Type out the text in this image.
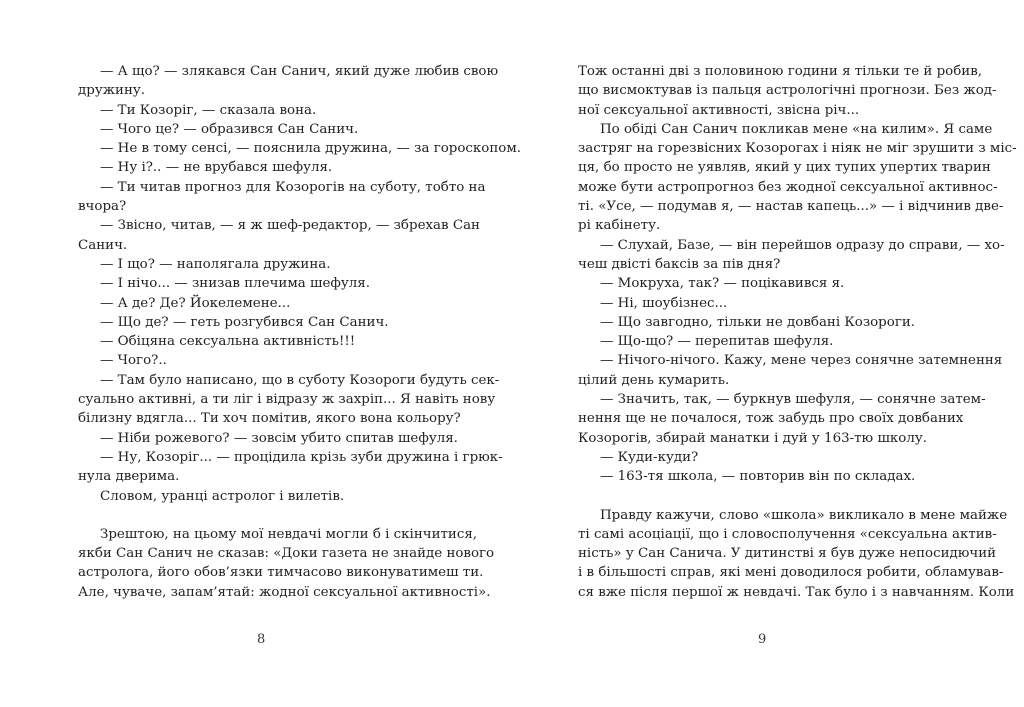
— А що? — злякався Сан Санич, який дуже любив свою
дружину.
— Ти Козоріг, — сказала вона.
— Чого це? — образився Сан Санич.
— Не в тому сенсі, — пояснила дружина, — за гороскопом.
— Ну і?.. — не врубався шефуля.
— Ти читав прогноз для Козорогів на суботу, тобто на
вчора?
— Звісно, читав, — я ж шеф-редактор, — збрехав Сан
Санич.
— І що? — наполягала дружина.
— І нічо... — знизав плечима шефуля.
— А де? Де? Йокелемене...
— Що де? — геть розгубився Сан Санич.
— Обіцяна сексуальна активність!!!
— Чого?..
— Там було написано, що в суботу Козороги будуть сек-
суально активні, а ти ліг і відразу ж захріп... Я навіть нову
білизну вдягла... Ти хоч помітив, якого вона кольору?
— Ніби рожевого? — зовсім убито спитав шефуля.
— Ну, Козоріг... — процідила крізь зуби дружина і грюк-
нула дверима.
Словом, уранці астролог і вилетів.
Зрештою, на цьому мої невдачі могли б і скінчитися,
якби Сан Санич не сказав: «Доки газета не знайде нового
астролога, його обов’язки тимчасово виконуватимеш ти.
Але, чуваче, запам’ятай: жодної сексуальної активності».
Тож останні дві з половиною години я тільки те й робив,
що висмоктував із пальця астрологічні прогнози. Без жод-
ної сексуальної активності, звісна річ...
По обіді Сан Санич покликав мене «на килим». Я саме
застряг на горезвісних Козорогах і ніяк не міг зрушити з міс-
ця, бо просто не уявляв, який у цих тупих упертих тварин
може бути астропрогноз без жодної сексуальної активнос-
ті. «Усе, — подумав я, — настав капець...» — і відчинив две-
рі кабінету.
— Слухай, Базе, — він перейшов одразу до справи, — хо-
чеш двісті баксів за пів дня?
— Мокруха, так? — поцікавився я.
— Ні, шоубізнес...
— Що завгодно, тільки не довбані Козороги.
— Що-що? — перепитав шефуля.
— Нічого-нічого. Кажу, мене через сонячне затемнення
цілий день кумарить.
— Значить, так, — буркнув шефуля, — сонячне затем-
нення ще не почалося, тож забудь про своїх довбаних
Козорогів, збирай манатки і дуй у 163-тю школу.
— Куди-куди?
— 163-тя школа, — повторив він по складах.
Правду кажучи, слово «школа» викликало в мене майже
ті самі асоціації, що і словосполучення «сексуальна актив-
ність» у Сан Санича. У дитинстві я був дуже непосидючий
і в більшості справ, які мені доводилося робити, обламував-
ся вже після першої ж невдачі. Так було і з навчанням. Коли
8	9
